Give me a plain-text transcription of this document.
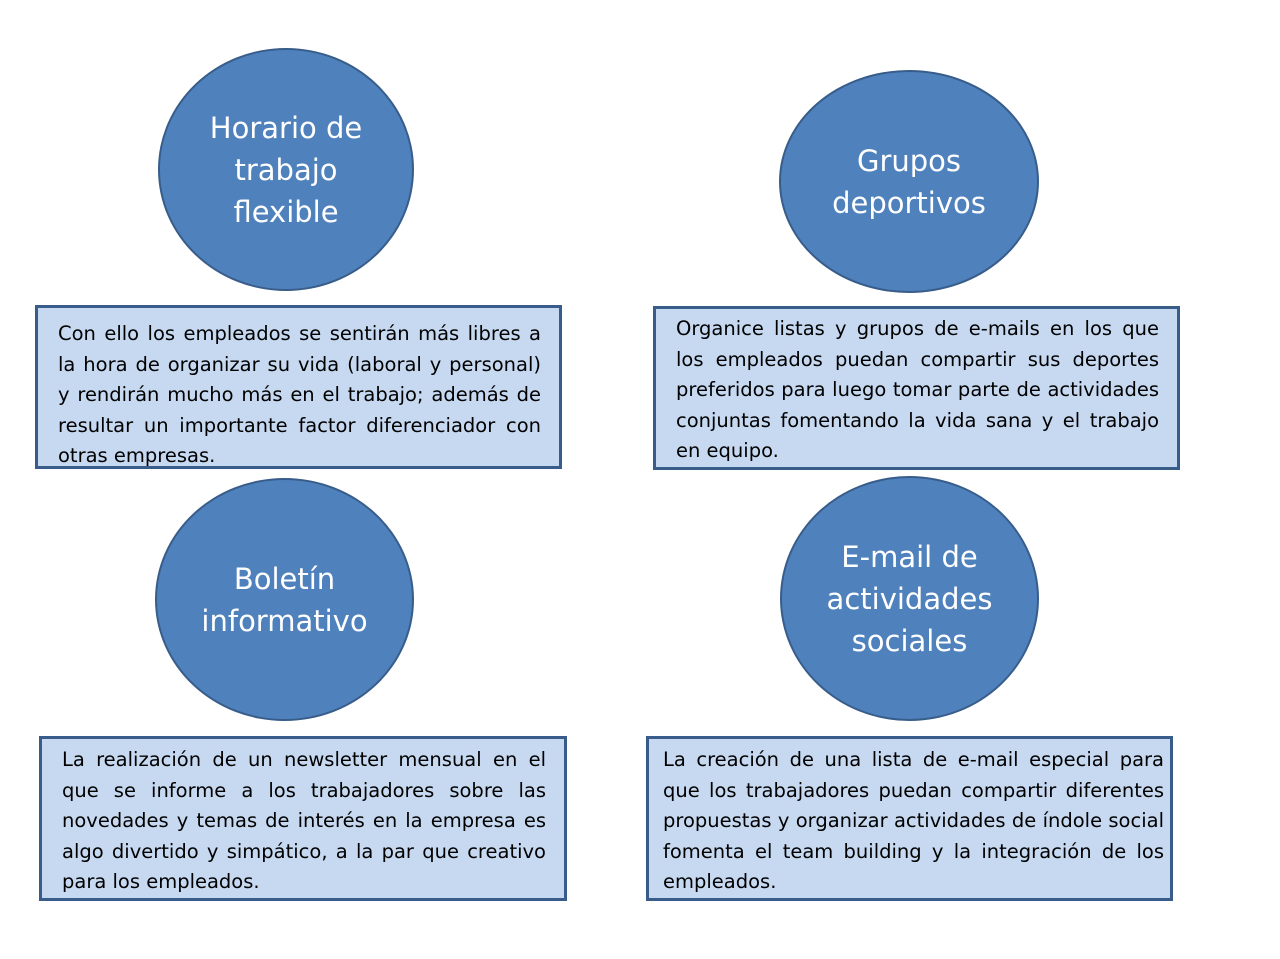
Horario de
trabajo
flexible
Grupos
deportivos
Boletín
informativo
E-mail de
actividades
sociales
Con ello los empleados se sentirán más libres a la hora de organizar su vida (laboral y personal) y rendirán mucho más en el trabajo; además de resultar un importante factor diferenciador con otras empresas.
Organice listas y grupos de e-mails en los que los empleados puedan compartir sus deportes preferidos para luego tomar parte de actividades conjuntas fomentando la vida sana y el trabajo en equipo.
La realización de un newsletter mensual en el que se informe a los trabajadores sobre las novedades y temas de interés en la empresa es algo divertido y simpático, a la par que creativo para los empleados.
La creación de una lista de e-mail especial para que los trabajadores puedan compartir diferentes propuestas y organizar actividades de índole social fomenta el team building y la integración de los empleados.
